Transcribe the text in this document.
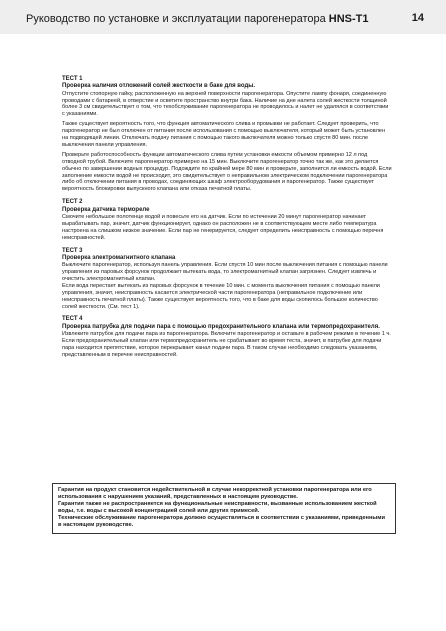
Руководство по установке и эксплуатации парогенератора HNS-T1	14
ТЕСТ 1
Проверка наличия отложений солей жесткости в баке для воды.

Отпустите стопорную гайку, расположенную на верхней поверхности парогенератора. Опустите лампу фонаря, соединенную проводами с батареей, в отверстие и осветите пространство внутри бака. Наличие на дне налета солей жесткости толщиной более 3 см свидетельствует о том, что техобслуживание парогенератора не проводилось и налет не удалялся в соответствии с указаниями.

Также существует вероятность того, что функция автоматического слива и промывки не работает. Следует проверить, что парогенератор не был отключен от питания после использования с помощью выключателя, который может быть установлен на подводящей линии. Отключать подачу питания с помощью такого выключателя можно только спустя 80 мин. после выключения панели управления.

Проверьте работоспособность функции автоматического слива путем установки емкости объемом примерно 12 л под отводной трубой. Включите парогенератор примерно на 15 мин. Выключите парогенератор точно так же, как это делается обычно по завершении водных процедур. Подождите по крайней мере 80 мин и проверьте, заполнится ли емкость водой. Если заполнение емкости водой не происходит, это свидетельствует о неправильном электрическом подключении парогенератора либо об отключении питания в проводах, соединяющих шкаф электрооборудования и парогенератор. Также существует вероятность блокировки выпускного клапана или отказа печатной платы.

ТЕСТ 2
Проверка датчика термореле

Смочите небольшое полотенце водой и повесьте его на датчик. Если по истечении 20 минут парогенератор начинает вырабатывать пар, значит, датчик функционирует, однако он расположен не в соответствующем месте либо температура настроена на слишком низкое значение. Если пар не генерируется, следует определить неисправность с помощью перечня неисправностей.

ТЕСТ 3
Проверка электромагнитного клапана

Выключите парогенератор, используя панель управления. Если спустя 10 мин после выключения питания с помощью панели управления из паровых форсунок продолжает вытекать вода, то электромагнитный клапан загрязнен. Следует извлечь и очистить электромагнитный клапан.

Если вода перестает вытекать из паровых форсунок в течение 10 мин. с момента выключения питания с помощью панели управления, значит, неисправность касается электрической части парогенератора (неправильное подключение или неисправность печатной платы). Также существует вероятность того, что в баке для воды скопилось большое количество солей жесткости. (См. тест 1).

ТЕСТ 4
Проверка патрубка для подачи пара с помощью предохранительного клапана или термопредохранителя.

Извлеките патрубок для подачи пара из парогенератора. Включите парогенератор и оставьте в рабочем режиме в течение 1 ч. Если предохранительный клапан или термопредохранитель не срабатывает во время теста, значит, в патрубке для подачи пара находится препятствие, которое перекрывает канал подачи пара. В таком случае необходимо следовать указаниям, представленным в перечне неисправностей.

Гарантия на продукт становится недействительной в случае некорректной установки парогенератора или его использования с нарушением указаний, представленных в настоящем руководстве.

Гарантия также не распространяется на функциональные неисправности, вызванные использованием жесткой воды, т.е. воды с высокой концентрацией солей или других примесей.

Технические обслуживание парогенератора должно осуществляться в соответствии с указаниями, приведенными в настоящем руководстве.
